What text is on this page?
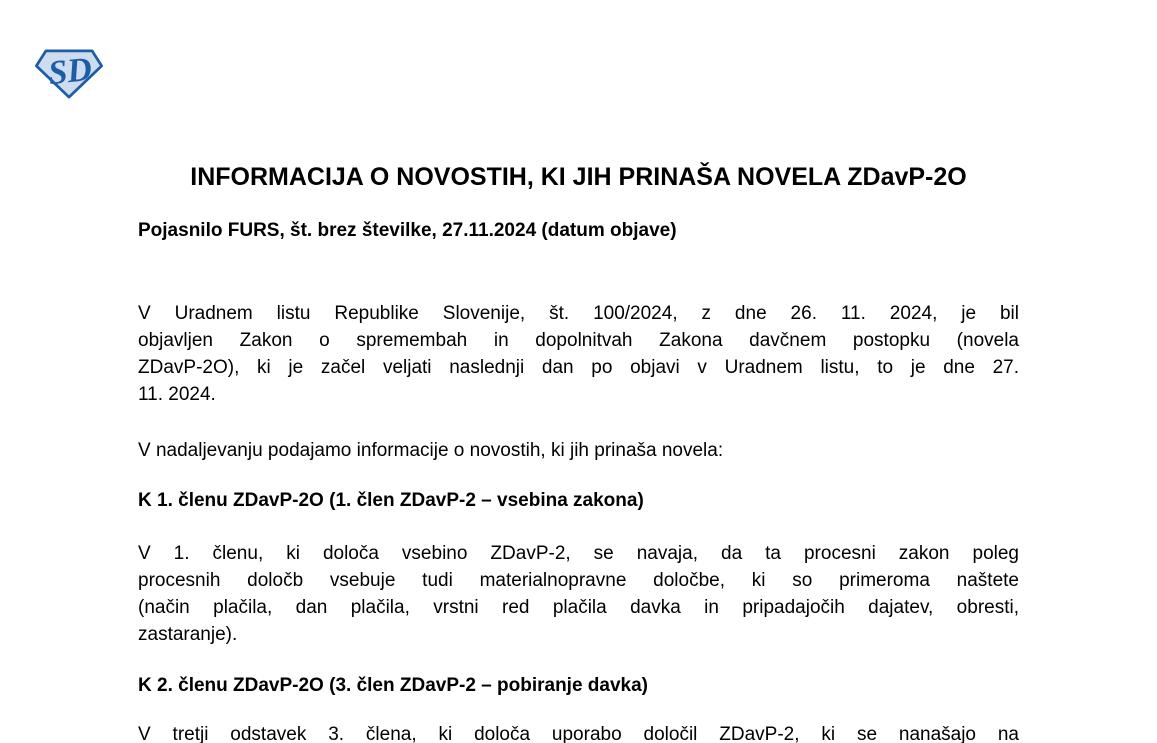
SD
INFORMACIJA O NOVOSTIH, KI JIH PRINAŠA NOVELA ZDavP-2O
Pojasnilo FURS, št. brez številke, 27.11.2024 (datum objave)
V Uradnem listu Republike Slovenije, št. 100/2024, z dne 26. 11. 2024, je bil
objavljen Zakon o spremembah in dopolnitvah Zakona davčnem postopku (novela
ZDavP-2O), ki je začel veljati naslednji dan po objavi v Uradnem listu, to je dne 27.
11. 2024.
V nadaljevanju podajamo informacije o novostih, ki jih prinaša novela:
K 1. členu ZDavP-2O (1. člen ZDavP-2 – vsebina zakona)
V 1. členu, ki določa vsebino ZDavP-2, se navaja, da ta procesni zakon poleg
procesnih določb vsebuje tudi materialnopravne določbe, ki so primeroma naštete
(način plačila, dan plačila, vrstni red plačila davka in pripadajočih dajatev, obresti,
zastaranje).
K 2. členu ZDavP-2O (3. člen ZDavP-2 – pobiranje davka)
V tretji odstavek 3. člena, ki določa uporabo določil ZDavP-2, ki se nanašajo na
